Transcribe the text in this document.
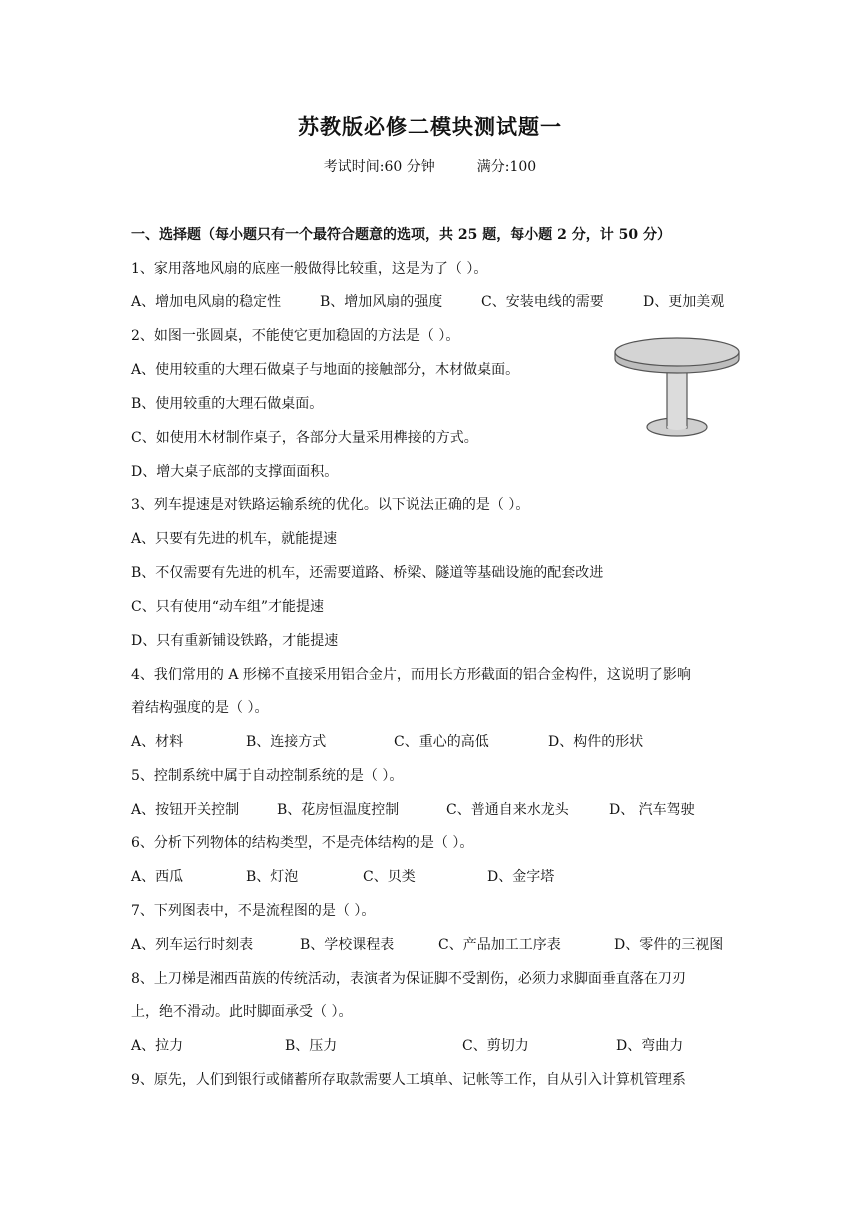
苏教版必修二模块测试题一
考试时间:60 分钟	满分:100
一、选择题（每小题只有一个最符合题意的选项，共 25 题，每小题 2 分，计 50 分）
1、家用落地风扇的底座一般做得比较重，这是为了（ ）。
A、增加电风扇的稳定性	B、增加风扇的强度	C、安装电线的需要	D、更加美观
2、如图一张圆桌，不能使它更加稳固的方法是（ ）。
A、使用较重的大理石做桌子与地面的接触部分，木材做桌面。
B、使用较重的大理石做桌面。
C、如使用木材制作桌子，各部分大量采用榫接的方式。
D、增大桌子底部的支撑面面积。
3、列车提速是对铁路运输系统的优化。以下说法正确的是（ ）。
A、只要有先进的机车，就能提速
B、不仅需要有先进的机车，还需要道路、桥梁、隧道等基础设施的配套改进
C、只有使用“动车组”才能提速
D、只有重新铺设铁路，才能提速
4、我们常用的 A 形梯不直接采用铝合金片，而用长方形截面的铝合金构件，这说明了影响
着结构强度的是（ ）。
A、材料	B、连接方式	C、重心的高低	D、构件的形状
5、控制系统中属于自动控制系统的是（ ）。
A、按钮开关控制	B、花房恒温度控制	C、普通自来水龙头	D、 汽车驾驶
6、分析下列物体的结构类型，不是壳体结构的是（ ）。
A、西瓜	B、灯泡	C、贝类	D、金字塔
7、下列图表中，不是流程图的是（ ）。
A、列车运行时刻表	B、学校课程表	C、产品加工工序表	D、零件的三视图
8、上刀梯是湘西苗族的传统活动，表演者为保证脚不受割伤，必须力求脚面垂直落在刀刃
上，绝不滑动。此时脚面承受（ ）。
A、拉力	B、压力	C、剪切力	D、弯曲力
9、原先，人们到银行或储蓄所存取款需要人工填单、记帐等工作，自从引入计算机管理系
